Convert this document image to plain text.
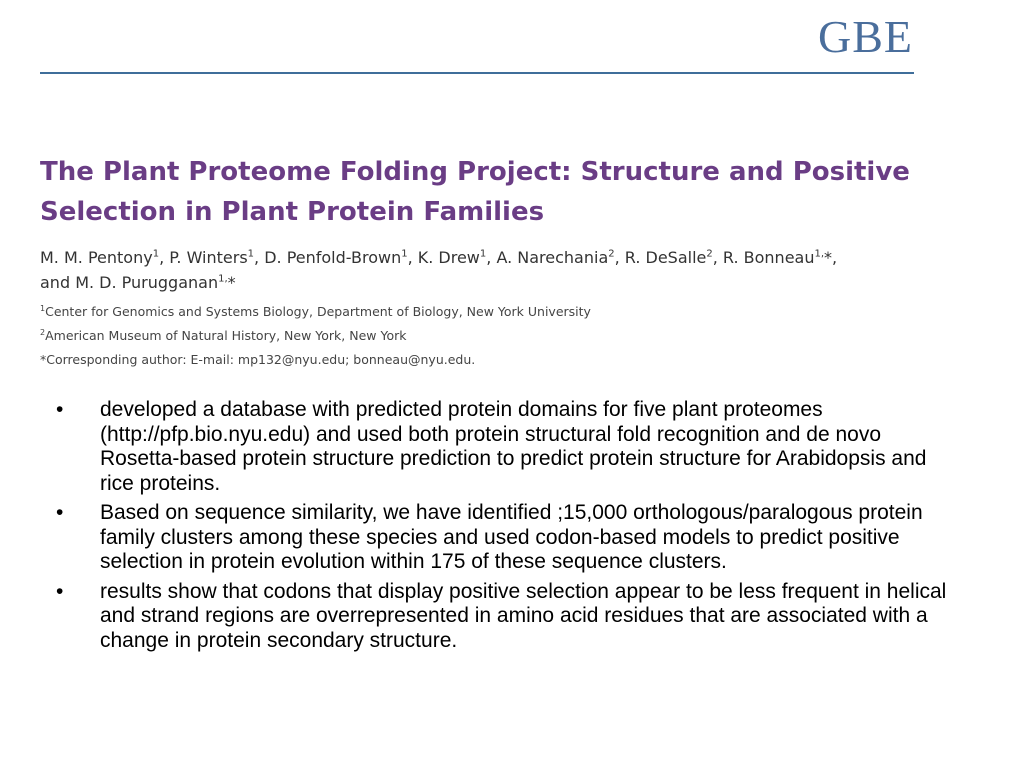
GBE
The Plant Proteome Folding Project: Structure and Positive
Selection in Plant Protein Families
M. M. Pentony$^1$, P. Winters$^1$, D. Penfold-Brown$^1$, K. Drew$^1$, A. Narechania$^2$, R. DeSalle$^2$, R. Bonneau$^{1,}$*,
and M. D. Purugganan$^{1,}$*
$^1$Center for Genomics and Systems Biology, Department of Biology, New York University
$^2$American Museum of Natural History, New York, New York
*Corresponding author: E-mail: mp132@nyu.edu; bonneau@nyu.edu.
• developed a database with predicted protein domains for five plant proteomes (http://pfp.bio.nyu.edu) and used both protein structural fold recognition and de novo Rosetta-based protein structure prediction to predict protein structure for Arabidopsis and rice proteins.
• Based on sequence similarity, we have identified ;15,000 orthologous/paralogous protein family clusters among these species and used codon-based models to predict positive selection in protein evolution within 175 of these sequence clusters.
• results show that codons that display positive selection appear to be less frequent in helical and strand regions are overrepresented in amino acid residues that are associated with a change in protein secondary structure.
